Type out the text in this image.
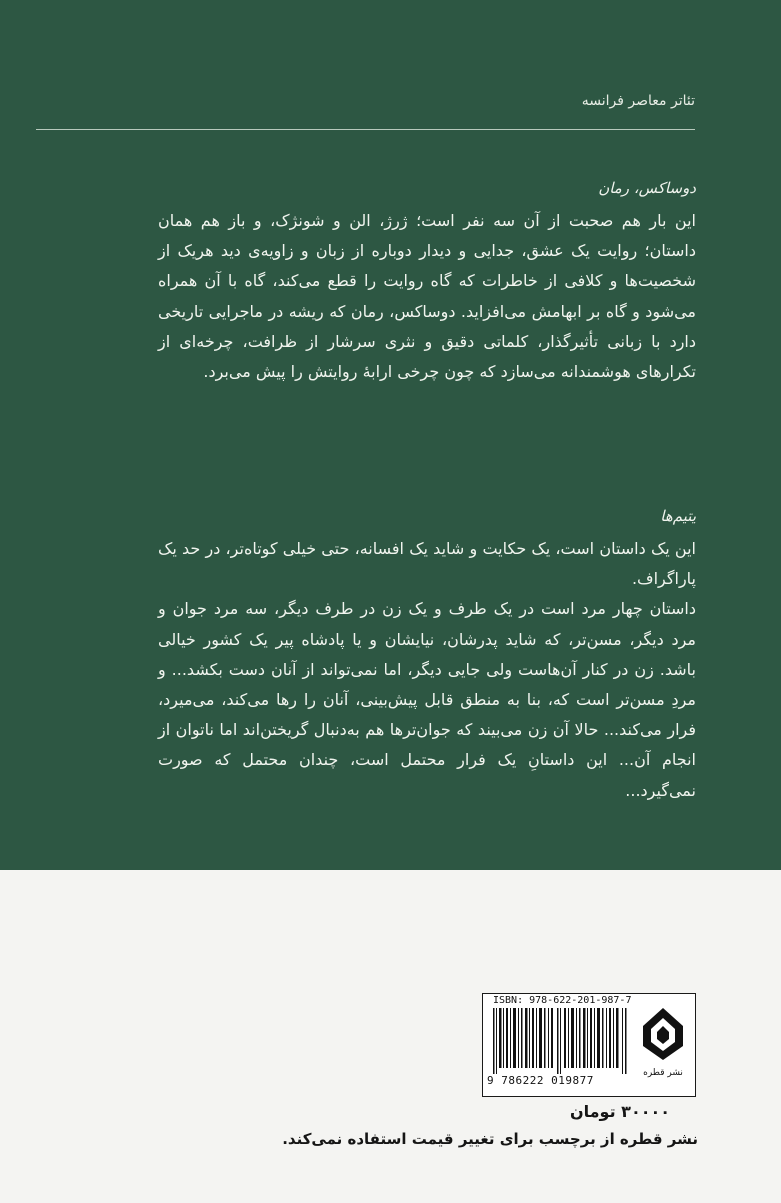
تئاتر معاصر فرانسه
دوساکس، رمان

این بار هم صحبت از آن سه نفر است؛ ژرژ، الن و شونژک، و باز هم همان داستان؛ روایت یک عشق، جدایی و دیدار دوباره از زبان و زاویه‌ی دید هریک از شخصیت‌ها و کلافی از خاطرات که گاه روایت را قطع می‌کند، گاه با آن همراه می‌شود و گاه بر ابهامش می‌افزاید. دوساکس، رمان که ریشه در ماجرایی تاریخی دارد با زبانی تأثیرگذار، کلماتی دقیق و نثری سرشار از ظرافت، چرخه‌ای از تکرارهای هوشمندانه می‌سازد که چون چرخی ارابهٔ روایتش را پیش می‌برد.

یتیم‌ها

این یک داستان است، یک حکایت و شاید یک افسانه، حتی خیلی کوتاه‌تر، در حد یک پاراگراف.

داستان چهار مرد است در یک طرف و یک زن در طرف دیگر، سه مرد جوان و مرد دیگر، مسن‌تر، که شاید پدرشان، نیایشان و یا پادشاه پیر یک کشور خیالی باشد. زن در کنار آن‌هاست ولی جایی دیگر، اما نمی‌تواند از آنان دست بکشد... و مردِ مسن‌تر است که، بنا به منطق قابل پیش‌بینی، آنان را رها می‌کند، می‌میرد، فرار می‌کند... حالا آن زن می‌بیند که جوان‌ترها هم به‌دنبال گریختن‌اند اما ناتوان از انجام آن... این داستانِ یک فرار محتمل است، چندان محتمل که صورت نمی‌گیرد...

ISBN: 978-622-201-987-7
9 786222 019877
نشر قطره
۳۰۰۰۰ تومان
نشر قطره از برچسب برای تغییر قیمت استفاده نمی‌کند.
